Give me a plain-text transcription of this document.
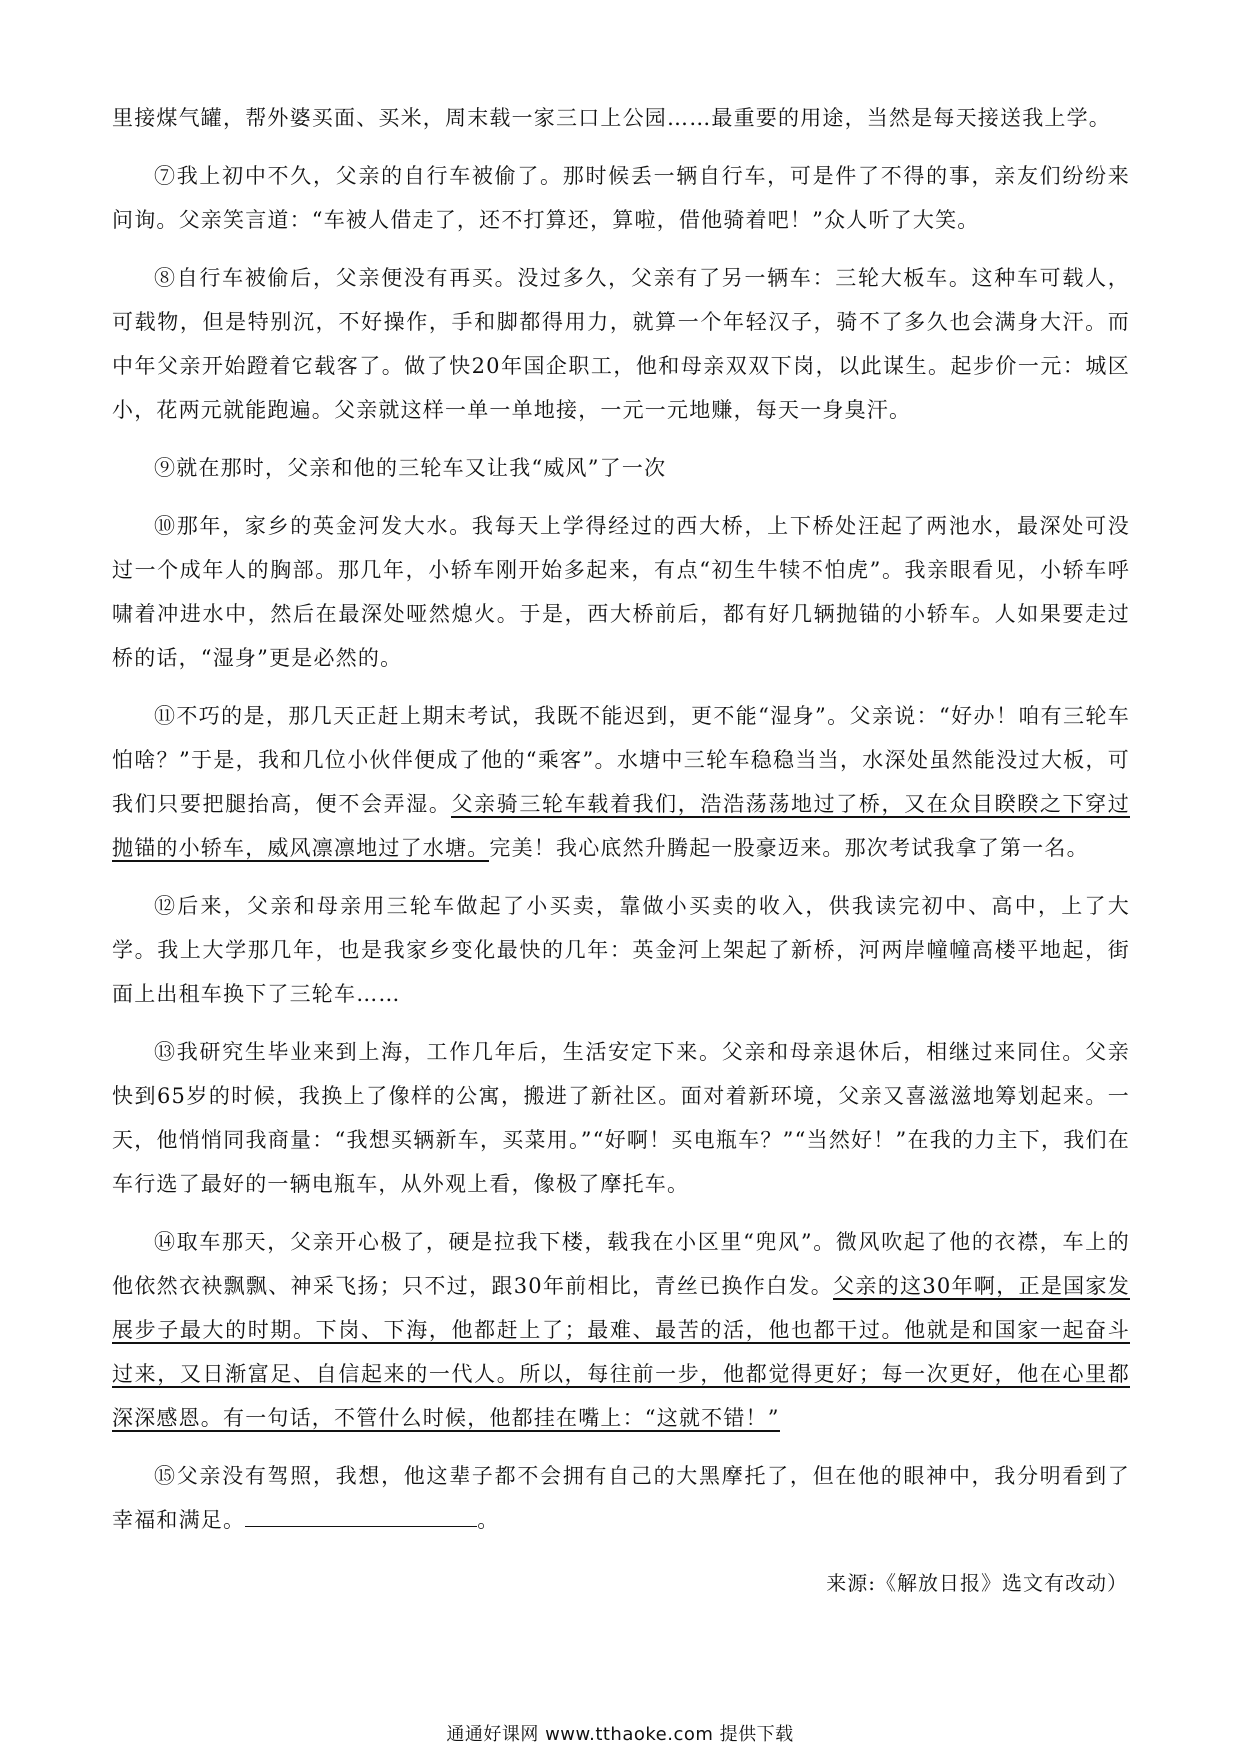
里接煤气罐，帮外婆买面、买米，周末载一家三口上公园……最重要的用途，当然是每天接送我上学。

⑦我上初中不久，父亲的自行车被偷了。那时候丢一辆自行车，可是件了不得的事，亲友们纷纷来问询。父亲笑言道：“车被人借走了，还不打算还，算啦，借他骑着吧！”众人听了大笑。

⑧自行车被偷后，父亲便没有再买。没过多久，父亲有了另一辆车：三轮大板车。这种车可载人，可载物，但是特别沉，不好操作，手和脚都得用力，就算一个年轻汉子，骑不了多久也会满身大汗。而中年父亲开始蹬着它载客了。做了快20年国企职工，他和母亲双双下岗，以此谋生。起步价一元：城区小，花两元就能跑遍。父亲就这样一单一单地接，一元一元地赚，每天一身臭汗。

⑨就在那时，父亲和他的三轮车又让我“威风”了一次

⑩那年，家乡的英金河发大水。我每天上学得经过的西大桥，上下桥处汪起了两池水，最深处可没过一个成年人的胸部。那几年，小轿车刚开始多起来，有点“初生牛犊不怕虎”。我亲眼看见，小轿车呼啸着冲进水中，然后在最深处哑然熄火。于是，西大桥前后，都有好几辆抛锚的小轿车。人如果要走过桥的话，“湿身”更是必然的。

⑪不巧的是，那几天正赶上期末考试，我既不能迟到，更不能“湿身”。父亲说：“好办！咱有三轮车怕啥？”于是，我和几位小伙伴便成了他的“乘客”。水塘中三轮车稳稳当当，水深处虽然能没过大板，可我们只要把腿抬高，便不会弄湿。父亲骑三轮车载着我们，浩浩荡荡地过了桥，又在众目睽睽之下穿过抛锚的小轿车，威风凛凛地过了水塘。完美！我心底然升腾起一股豪迈来。那次考试我拿了第一名。

⑫后来，父亲和母亲用三轮车做起了小买卖，靠做小买卖的收入，供我读完初中、高中，上了大学。我上大学那几年，也是我家乡变化最快的几年：英金河上架起了新桥，河两岸幢幢高楼平地起，街面上出租车换下了三轮车……

⑬我研究生毕业来到上海，工作几年后，生活安定下来。父亲和母亲退休后，相继过来同住。父亲快到65岁的时候，我换上了像样的公寓，搬进了新社区。面对着新环境，父亲又喜滋滋地筹划起来。一天，他悄悄同我商量：“我想买辆新车，买菜用。”“好啊！买电瓶车？”“当然好！”在我的力主下，我们在车行选了最好的一辆电瓶车，从外观上看，像极了摩托车。

⑭取车那天，父亲开心极了，硬是拉我下楼，载我在小区里“兜风”。微风吹起了他的衣襟，车上的他依然衣袂飘飘、神采飞扬；只不过，跟30年前相比，青丝已换作白发。父亲的这30年啊，正是国家发展步子最大的时期。下岗、下海，他都赶上了；最难、最苦的活，他也都干过。他就是和国家一起奋斗过来，又日渐富足、自信起来的一代人。所以，每往前一步，他都觉得更好；每一次更好，他在心里都深深感恩。有一句话，不管什么时候，他都挂在嘴上：“这就不错！”

⑮父亲没有驾照，我想，他这辈子都不会拥有自己的大黑摩托了，但在他的眼神中，我分明看到了幸福和满足。	。

来源:《解放日报》选文有改动）
通通好课网 www.tthaoke.com 提供下载
